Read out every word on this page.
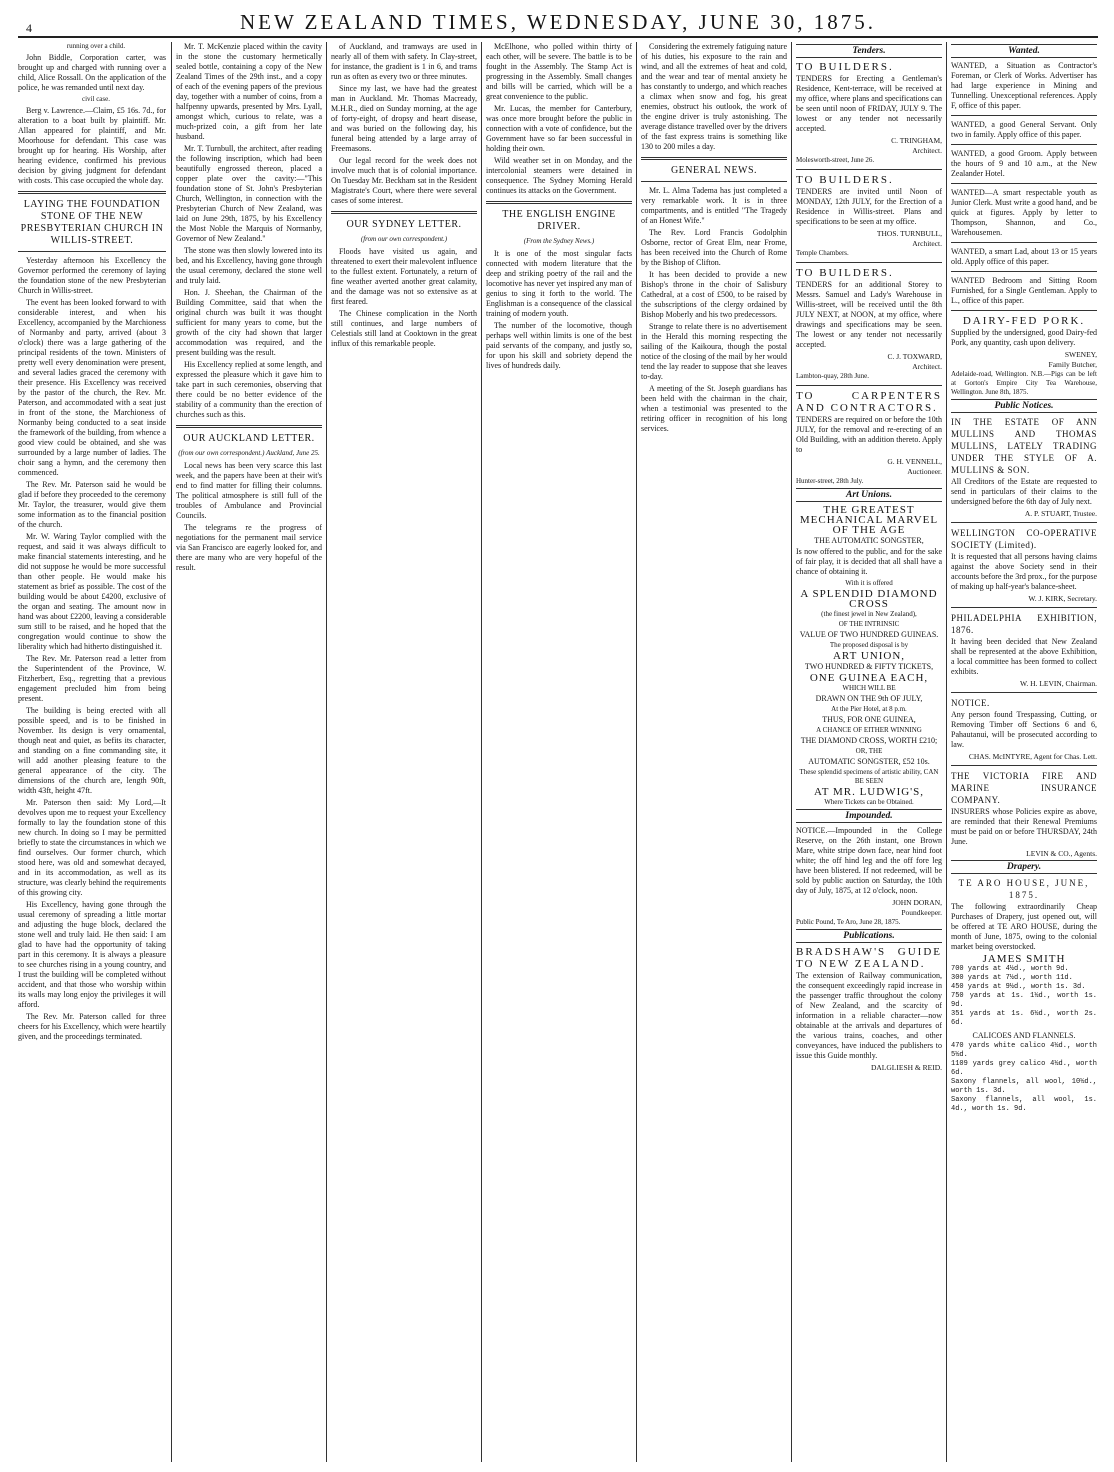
4	NEW ZEALAND TIMES, WEDNESDAY, JUNE 30, 1875.

running over a child.

John Biddle, Corporation carter, was brought up and charged with running over a child, Alice Rossall. On the application of the police, he was remanded until next day.

civil case.

Berg v. Lawrence.—Claim, £5 16s. 7d., for alteration to a boat built by plaintiff. Mr. Allan appeared for plaintiff, and Mr. Moorhouse for defendant. This case was brought up for hearing. His Worship, after hearing evidence, confirmed his previous decision by giving judgment for defendant with costs. This case occupied the whole day.

LAYING THE FOUNDATION STONE OF THE NEW PRESBYTERIAN CHURCH IN WILLIS-STREET.

Yesterday afternoon his Excellency the Governor performed the ceremony of laying the foundation stone of the new Presbyterian Church in Willis-street.

The event has been looked forward to with considerable interest, and when his Excellency, accompanied by the Marchioness of Normanby and party, arrived (about 3 o'clock) there was a large gathering of the principal residents of the town. Ministers of pretty well every denomination were present, and several ladies graced the ceremony with their presence. His Excellency was received by the pastor of the church, the Rev. Mr. Paterson, and accommodated with a seat just in front of the stone, the Marchioness of Normanby being conducted to a seat inside the framework of the building, from whence a good view could be obtained, and she was surrounded by a large number of ladies. The choir sang a hymn, and the ceremony then commenced.

The Rev. Mr. Paterson said he would be glad if before they proceeded to the ceremony Mr. Taylor, the treasurer, would give them some information as to the financial position of the church.

Mr. W. Waring Taylor complied with the request, and said it was always difficult to make financial statements interesting, and he did not suppose he would be more successful than other people. He would make his statement as brief as possible. The cost of the building would be about £4200, exclusive of the organ and seating. The amount now in hand was about £2200, leaving a considerable sum still to be raised, and he hoped that the congregation would continue to show the liberality which had hitherto distinguished it.

The Rev. Mr. Paterson read a letter from the Superintendent of the Province, W. Fitzherbert, Esq., regretting that a previous engagement precluded him from being present.

The building is being erected with all possible speed, and is to be finished in November. Its design is very ornamental, though neat and quiet, as befits its character, and standing on a fine commanding site, it will add another pleasing feature to the general appearance of the city. The dimensions of the church are, length 90ft, width 43ft, height 47ft.

Mr. Paterson then said: My Lord,—It devolves upon me to request your Excellency formally to lay the foundation stone of this new church. In doing so I may be permitted briefly to state the circumstances in which we find ourselves. Our former church, which stood here, was old and somewhat decayed, and in its accommodation, as well as its structure, was clearly behind the requirements of this growing city.

His Excellency, having gone through the usual ceremony of spreading a little mortar and adjusting the huge block, declared the stone well and truly laid. He then said: I am glad to have had the opportunity of taking part in this ceremony. It is always a pleasure to see churches rising in a young country, and I trust the building will be completed without accident, and that those who worship within its walls may long enjoy the privileges it will afford.

The Rev. Mr. Paterson called for three cheers for his Excellency, which were heartily given, and the proceedings terminated.

Mr. T. McKenzie placed within the cavity in the stone the customary hermetically sealed bottle, containing a copy of the New Zealand Times of the 29th inst., and a copy of each of the evening papers of the previous day, together with a number of coins, from a halfpenny upwards, presented by Mrs. Lyall, amongst which, curious to relate, was a much-prized coin, a gift from her late husband.

Mr. T. Turnbull, the architect, after reading the following inscription, which had been beautifully engrossed thereon, placed a copper plate over the cavity:—"This foundation stone of St. John's Presbyterian Church, Wellington, in connection with the Presbyterian Church of New Zealand, was laid on June 29th, 1875, by his Excellency the Most Noble the Marquis of Normanby, Governor of New Zealand."

The stone was then slowly lowered into its bed, and his Excellency, having gone through the usual ceremony, declared the stone well and truly laid.

Hon. J. Sheehan, the Chairman of the Building Committee, said that when the original church was built it was thought sufficient for many years to come, but the growth of the city had shown that larger accommodation was required, and the present building was the result.

His Excellency replied at some length, and expressed the pleasure which it gave him to take part in such ceremonies, observing that there could be no better evidence of the stability of a community than the erection of churches such as this.

OUR AUCKLAND LETTER.
(from our own correspondent.) Auckland, June 25.

Local news has been very scarce this last week, and the papers have been at their wit's end to find matter for filling their columns. The political atmosphere is still full of the troubles of Ambulance and Provincial Councils.

The telegrams re the progress of negotiations for the permanent mail service via San Francisco are eagerly looked for, and there are many who are very hopeful of the result.

of Auckland, and tramways are used in nearly all of them with safety. In Clay-street, for instance, the gradient is 1 in 6, and trams run as often as every two or three minutes.

Since my last, we have had the greatest man in Auckland. Mr. Thomas Macready, M.H.R., died on Sunday morning, at the age of forty-eight, of dropsy and heart disease, and was buried on the following day, his funeral being attended by a large array of Freemasons.

Our legal record for the week does not involve much that is of colonial importance. On Tuesday Mr. Beckham sat in the Resident Magistrate's Court, where there were several cases of some interest.

OUR SYDNEY LETTER.
(from our own correspondent.)

Floods have visited us again, and threatened to exert their malevolent influence to the fullest extent. Fortunately, a return of fine weather averted another great calamity, and the damage was not so extensive as at first feared.

The Chinese complication in the North still continues, and large numbers of Celestials still land at Cooktown in the great influx of this remarkable people.

McElhone, who polled within thirty of each other, will be severe. The battle is to be fought in the Assembly. The Stamp Act is progressing in the Assembly. Small changes and bills will be carried, which will be a great convenience to the public.

Mr. Lucas, the member for Canterbury, was once more brought before the public in connection with a vote of confidence, but the Government have so far been successful in holding their own.

Wild weather set in on Monday, and the intercolonial steamers were detained in consequence. The Sydney Morning Herald continues its attacks on the Government.

THE ENGLISH ENGINE DRIVER.
(From the Sydney News.)

It is one of the most singular facts connected with modern literature that the deep and striking poetry of the rail and the locomotive has never yet inspired any man of genius to sing it forth to the world. The Englishman is a consequence of the classical training of modern youth.

The number of the locomotive, though perhaps well within limits is one of the best paid servants of the company, and justly so, for upon his skill and sobriety depend the lives of hundreds daily.

Considering the extremely fatiguing nature of his duties, his exposure to the rain and wind, and all the extremes of heat and cold, and the wear and tear of mental anxiety he has constantly to undergo, and which reaches a climax when snow and fog, his great enemies, obstruct his outlook, the work of the engine driver is truly astonishing. The average distance travelled over by the drivers of the fast express trains is something like 130 to 200 miles a day.

GENERAL NEWS.

Mr. L. Alma Tadema has just completed a very remarkable work. It is in three compartments, and is entitled "The Tragedy of an Honest Wife."

The Rev. Lord Francis Godolphin Osborne, rector of Great Elm, near Frome, has been received into the Church of Rome by the Bishop of Clifton.

It has been decided to provide a new Bishop's throne in the choir of Salisbury Cathedral, at a cost of £500, to be raised by the subscriptions of the clergy ordained by Bishop Moberly and his two predecessors.

Strange to relate there is no advertisement in the Herald this morning respecting the sailing of the Kaikoura, though the postal notice of the closing of the mail by her would tend the lay reader to suppose that she leaves to-day.

A meeting of the St. Joseph guardians has been held with the chairman in the chair, when a testimonial was presented to the retiring officer in recognition of his long services.

Tenders.
TO BUILDERS.

TENDERS for Erecting a Gentleman's Residence, Kent-terrace, will be received at my office, where plans and specifications can be seen until noon of FRIDAY, JULY 9. The lowest or any tender not necessarily accepted.

C. TRINGHAM,
Architect.

Molesworth-street, June 26.

TO BUILDERS.

TENDERS are invited until Noon of MONDAY, 12th JULY, for the Erection of a Residence in Willis-street. Plans and specifications to be seen at my office.

THOS. TURNBULL,
Architect.

Temple Chambers.

TO BUILDERS.

TENDERS for an additional Storey to Messrs. Samuel and Lady's Warehouse in Willis-street, will be received until the 8th JULY NEXT, at NOON, at my office, where drawings and specifications may be seen. The lowest or any tender not necessarily accepted.

C. J. TOXWARD,
Architect.

Lambton-quay, 28th June.

TO CARPENTERS AND CONTRACTORS.

TENDERS are required on or before the 10th JULY, for the removal and re-erecting of an Old Building, with an addition thereto. Apply to

G. H. VENNELL,
Auctioneer.

Hunter-street, 28th July.

Art Unions.
THE GREATEST MECHANICAL MARVEL OF THE AGE
THE AUTOMATIC SONGSTER,

Is now offered to the public, and for the sake of fair play, it is decided that all shall have a chance of obtaining it.

With it is offered
A SPLENDID DIAMOND CROSS
(the finest jewel in New Zealand),
OF THE INTRINSIC
VALUE OF TWO HUNDRED GUINEAS.
The proposed disposal is by
ART UNION,
TWO HUNDRED & FIFTY TICKETS,
ONE GUINEA EACH,
WHICH WILL BE
DRAWN ON THE 9th OF JULY,
At the Pier Hotel, at 8 p.m.
THUS, FOR ONE GUINEA,
A CHANCE OF EITHER WINNING
THE DIAMOND CROSS, WORTH £210;
OR, THE
AUTOMATIC SONGSTER, £52 10s.
These splendid specimens of artistic ability, CAN BE SEEN
AT MR. LUDWIG'S,
Where Tickets can be Obtained.
Impounded.

NOTICE.—Impounded in the College Reserve, on the 26th instant, one Brown Mare, white stripe down face, near hind foot white; the off hind leg and the off fore leg have been blistered. If not redeemed, will be sold by public auction on Saturday, the 10th day of July, 1875, at 12 o'clock, noon.

JOHN DORAN,
Poundkeeper.

Public Pound, Te Aro, June 28, 1875.

Publications.
BRADSHAW'S GUIDE TO NEW ZEALAND.

The extension of Railway communication, the consequent exceedingly rapid increase in the passenger traffic throughout the colony of New Zealand, and the scarcity of information in a reliable character—now obtainable at the arrivals and departures of the various trains, coaches, and other conveyances, have induced the publishers to issue this Guide monthly.

DALGLIESH & REID.
Wanted.

WANTED, a Situation as Contractor's Foreman, or Clerk of Works. Advertiser has had large experience in Mining and Tunnelling. Unexceptional references. Apply F, office of this paper.

WANTED, a good General Servant. Only two in family. Apply office of this paper.

WANTED, a good Groom. Apply between the hours of 9 and 10 a.m., at the New Zealander Hotel.

WANTED—A smart respectable youth as Junior Clerk. Must write a good hand, and be quick at figures. Apply by letter to Thompson, Shannon, and Co., Warehousemen.

WANTED, a smart Lad, about 13 or 15 years old. Apply office of this paper.

WANTED Bedroom and Sitting Room Furnished, for a Single Gentleman. Apply to L., office of this paper.

DAIRY-FED PORK.

Supplied by the undersigned, good Dairy-fed Pork, any quantity, cash upon delivery.

SWENEY,
Family Butcher,

Adelaide-road, Wellington. N.B.—Pigs can be left at Gorton's Empire City Tea Warehouse, Wellington. June 8th, 1875.

Public Notices.
IN THE ESTATE OF ANN MULLINS AND THOMAS MULLINS, LATELY TRADING UNDER THE STYLE OF A. MULLINS & SON.

All Creditors of the Estate are requested to send in particulars of their claims to the undersigned before the 6th day of July next.

A. P. STUART, Trustee.
WELLINGTON CO-OPERATIVE SOCIETY (Limited).

It is requested that all persons having claims against the above Society send in their accounts before the 3rd prox., for the purpose of making up half-year's balance-sheet.

W. J. KIRK, Secretary.
PHILADELPHIA EXHIBITION, 1876.

It having been decided that New Zealand shall be represented at the above Exhibition, a local committee has been formed to collect exhibits.

W. H. LEVIN, Chairman.
NOTICE.

Any person found Trespassing, Cutting, or Removing Timber off Sections 6 and 6, Pahautanui, will be prosecuted according to law.

CHAS. McINTYRE, Agent for Chas. Lett.
THE VICTORIA FIRE AND MARINE INSURANCE COMPANY.

INSURERS whose Policies expire as above, are reminded that their Renewal Premiums must be paid on or before THURSDAY, 24th June.

LEVIN & CO., Agents.
Drapery.
TE ARO HOUSE, JUNE, 1875.

The following extraordinarily Cheap Purchases of Drapery, just opened out, will be offered at TE ARO HOUSE, during the month of June, 1875, owing to the colonial market being overstocked.

JAMES SMITH
700 yards at 4½d., worth 9d.
300 yards at 7½d., worth 11d.
450 yards at 9½d., worth 1s. 3d.
750 yards at 1s. 1½d., worth 1s. 9d.
351 yards at 1s. 6½d., worth 2s. 6d.
CALICOES AND FLANNELS.
470 yards white calico 4½d., worth 5½d.
1109 yards grey calico 4½d., worth 6d.
Saxony flannels, all wool, 10½d., worth 1s. 3d.
Saxony flannels, all wool, 1s. 4d., worth 1s. 9d.
